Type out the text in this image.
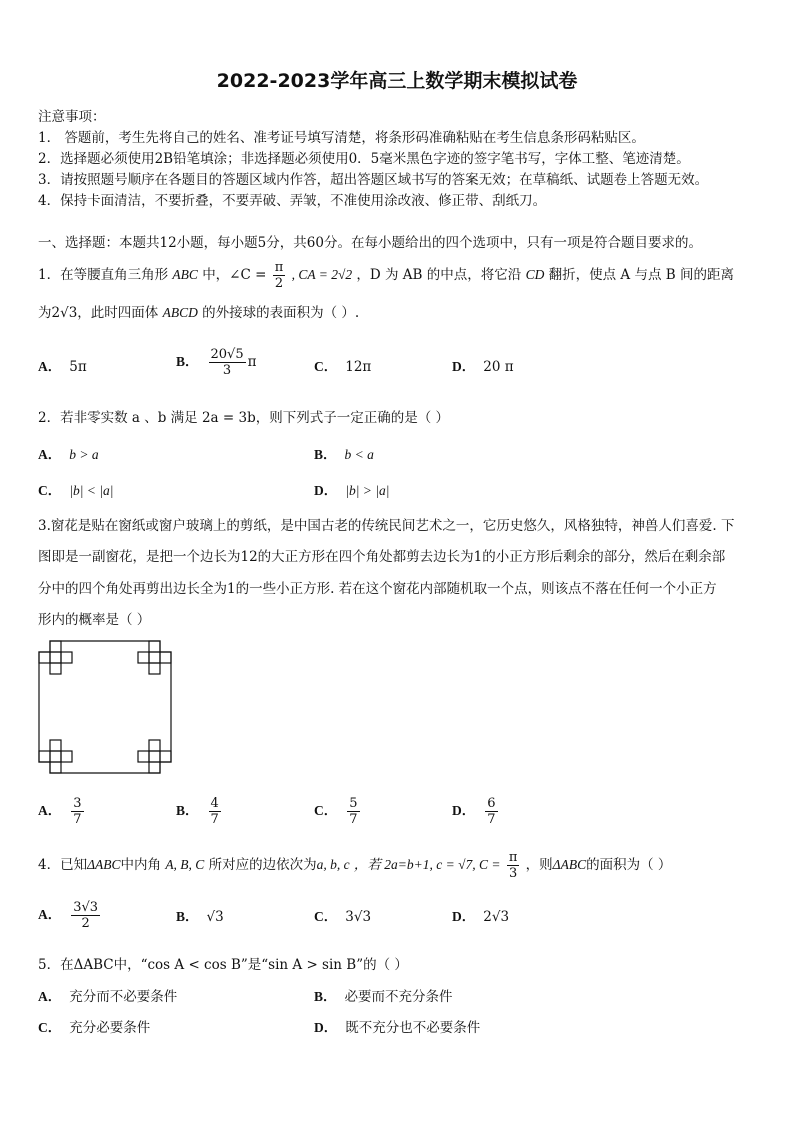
2022-2023学年高三上数学期末模拟试卷
注意事项：
1． 答题前，考生先将自己的姓名、准考证号填写清楚，将条形码准确粘贴在考生信息条形码粘贴区。
2．选择题必须使用2B铅笔填涂；非选择题必须使用0．5毫米黑色字迹的签字笔书写，字体工整、笔迹清楚。
3．请按照题号顺序在各题目的答题区域内作答，超出答题区域书写的答案无效；在草稿纸、试题卷上答题无效。
4．保持卡面清洁，不要折叠，不要弄破、弄皱，不准使用涂改液、修正带、刮纸刀。
一、选择题：本题共12小题，每小题5分，共60分。在每小题给出的四个选项中，只有一项是符合题目要求的。
1．在等腰直角三角形 ABC 中，∠C = $\frac{\pi}{2}$ , CA = 2√2 ，D 为 AB 的中点，将它沿 CD 翻折，使点 A 与点 B 间的距离
为2√3，此时四面体 ABCD 的外接球的表面积为（ ）.
A． 5π	B． $\frac{20√5}{3}$ π	C． 12π	D． 20 π
2．若非零实数 a 、b 满足 2a = 3b，则下列式子一定正确的是（ ）
A． b > a	B． b < a
C． |b| < |a|	D． |b| > |a|
3.窗花是贴在窗纸或窗户玻璃上的剪纸，是中国古老的传统民间艺术之一，它历史悠久，风格独特，神兽人们喜爱. 下
图即是一副窗花，是把一个边长为12的大正方形在四个角处都剪去边长为1的小正方形后剩余的部分，然后在剩余部
分中的四个角处再剪出边长全为1的一些小正方形. 若在这个窗花内部随机取一个点，则该点不落在任何一个小正方
形内的概率是（ ）
A． $\frac{3}{7}$	B． $\frac{4}{7}$	C． $\frac{5}{7}$	D． $\frac{6}{7}$
4．已知ΔABC中内角 A, B, C 所对应的边依次为a, b, c ，若 2a=b+1, c = √7, $C = \frac{\pi}{3}$ ，则ΔABC的面积为（ ）
A． $\frac{3√3}{2}$	B． √3	C． 3√3	D． 2√3
5．在ΔABC中，“cos A < cos B”是“sin A > sin B”的（ ）
A． 充分而不必要条件	B． 必要而不充分条件
C． 充分必要条件	D． 既不充分也不必要条件
